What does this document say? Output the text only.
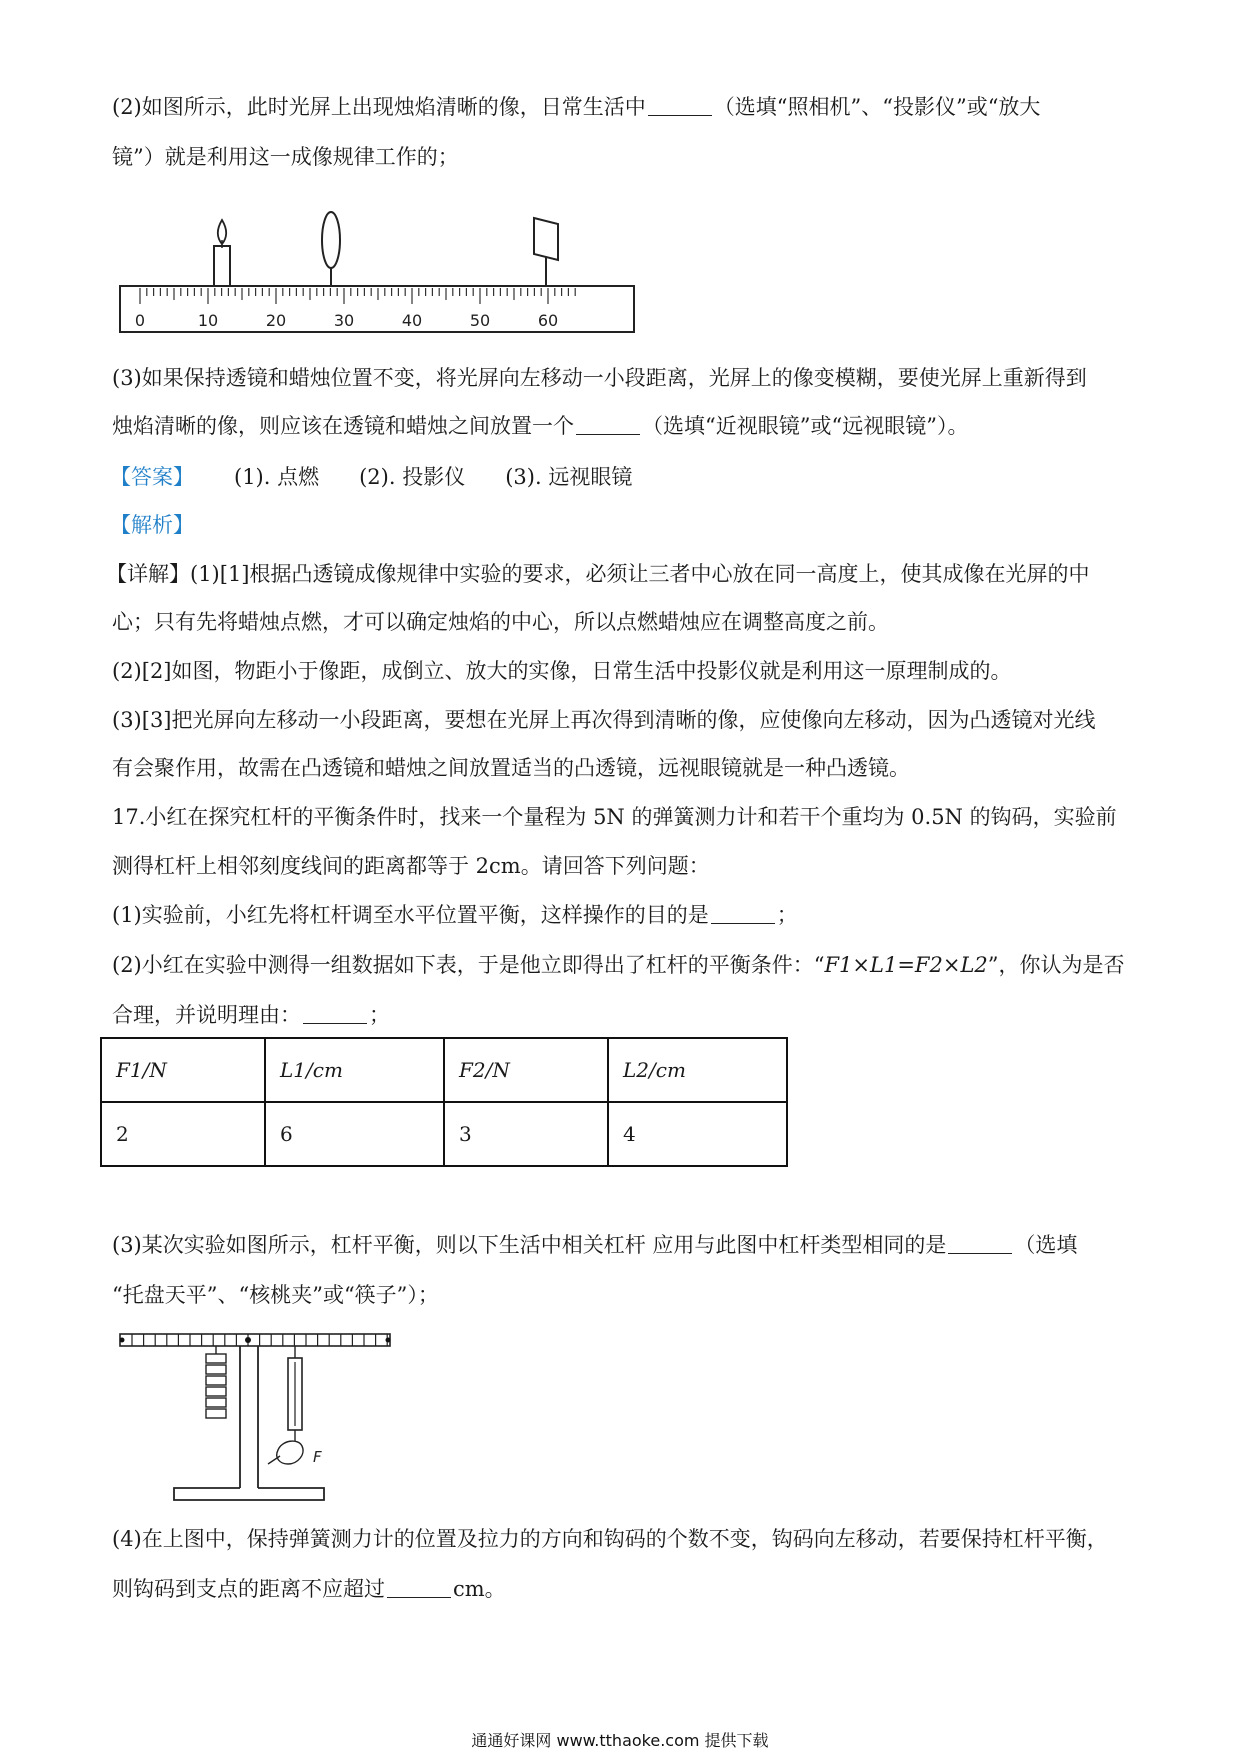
(2)如图所示，此时光屏上出现烛焰清晰的像，日常生活中	（选填“照相机”、“投影仪”或“放大
镜”）就是利用这一成像规律工作的；
0	10	20	30	40	50	60
(3)如果保持透镜和蜡烛位置不变，将光屏向左移动一小段距离，光屏上的像变模糊，要使光屏上重新得到
烛焰清晰的像，则应该在透镜和蜡烛之间放置一个	（选填“近视眼镜”或“远视眼镜”）。
【答案】 (1). 点燃 (2). 投影仪 (3). 远视眼镜
【解析】
【详解】(1)[1]根据凸透镜成像规律中实验的要求，必须让三者中心放在同一高度上，使其成像在光屏的中
心；只有先将蜡烛点燃，才可以确定烛焰的中心，所以点燃蜡烛应在调整高度之前。
(2)[2]如图，物距小于像距，成倒立、放大的实像，日常生活中投影仪就是利用这一原理制成的。
(3)[3]把光屏向左移动一小段距离，要想在光屏上再次得到清晰的像，应使像向左移动，因为凸透镜对光线
有会聚作用，故需在凸透镜和蜡烛之间放置适当的凸透镜，远视眼镜就是一种凸透镜。
17.小红在探究杠杆的平衡条件时，找来一个量程为 5N 的弹簧测力计和若干个重均为 0.5N 的钩码，实验前
测得杠杆上相邻刻度线间的距离都等于 2cm。请回答下列问题：
(1)实验前，小红先将杠杆调至水平位置平衡，这样操作的目的是	；
(2)小红在实验中测得一组数据如下表，于是他立即得出了杠杆的平衡条件：“F1×L1=F2×L2”，你认为是否
合理，并说明理由：	；
F1/N	L1/cm	F2/N	L2/cm
2	6	3	4
(3)某次实验如图所示，杠杆平衡，则以下生活中相关杠杆 应用与此图中杠杆类型相同的是	（选填
“托盘天平”、“核桃夹”或“筷子”）；
F
(4)在上图中，保持弹簧测力计的位置及拉力的方向和钩码的个数不变，钩码向左移动，若要保持杠杆平衡，
则钩码到支点的距离不应超过	cm。
通通好课网 www.tthaoke.com 提供下载
